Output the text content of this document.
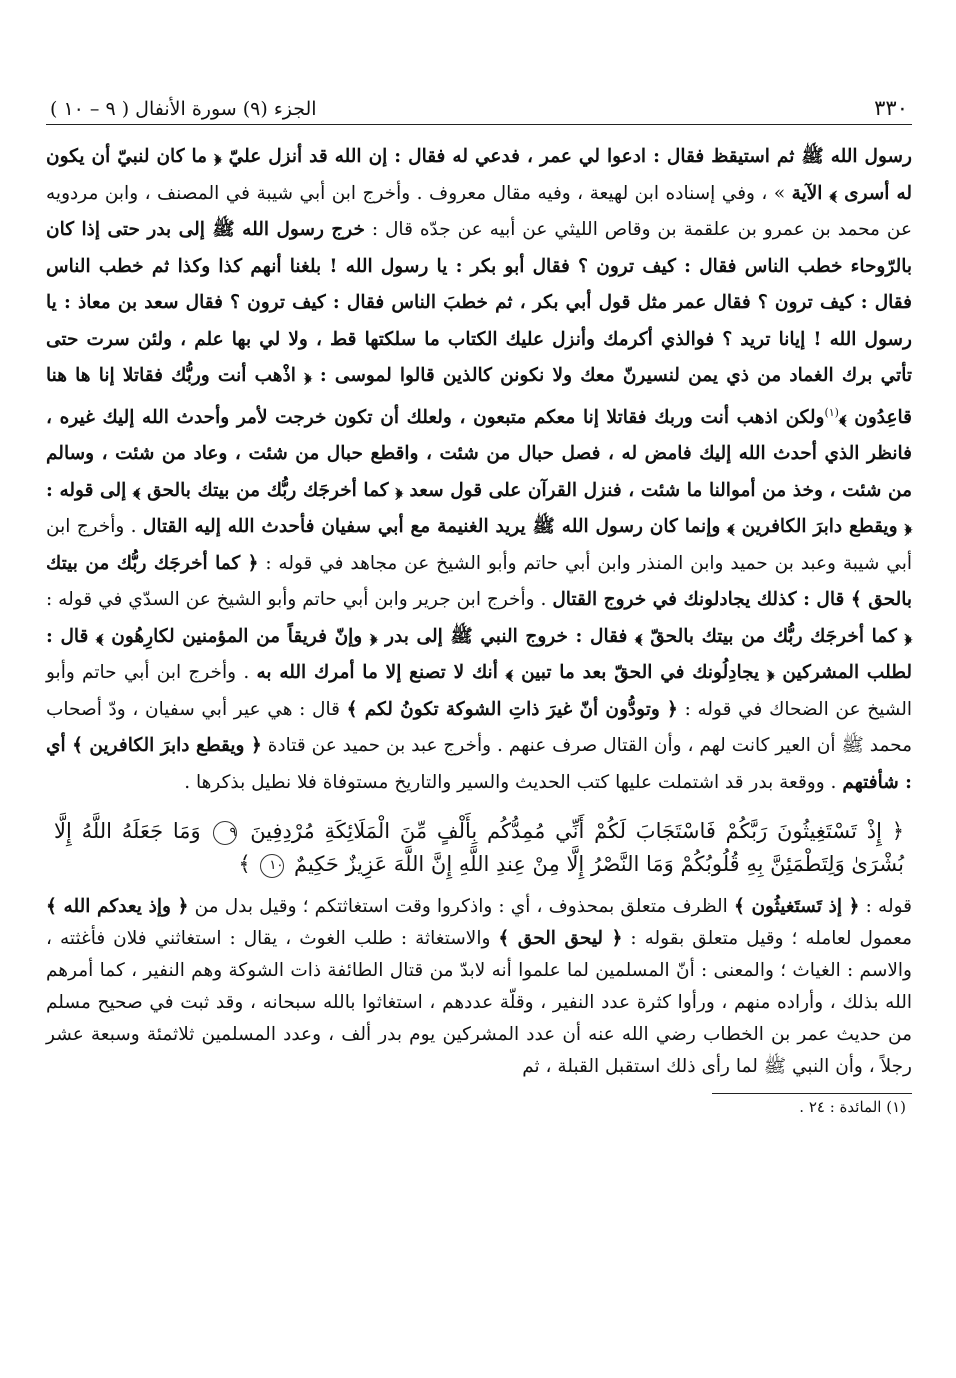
٣٣٠
الجزء (٩) سورة الأنفال ( ٩ – ١٠ )
رسول الله ﷺ ثم استيقظ فقال : ادعوا لي عمر ، فدعي له فقال : إن الله قد أنزل عليّ ﴿ ما كان لنبيّ أن يكون له أسرى ﴾ الآية » ، وفي إسناده ابن لهيعة ، وفيه مقال معروف . وأخرج ابن أبي شيبة في المصنف ، وابن مردويه عن محمد بن عمرو بن علقمة بن وقاص الليثي عن أبيه عن جدّه قال : خرج رسول الله ﷺ إلى بدر حتى إذا كان بالرّوحاء خطب الناس فقال : كيف ترون ؟ فقال أبو بكر : يا رسول الله ! بلغنا أنهم كذا وكذا ثم خطب الناس فقال : كيف ترون ؟ فقال عمر مثل قول أبي بكر ، ثم خطبَ الناس فقال : كيف ترون ؟ فقال سعد بن معاذ : يا رسول الله ! إيانا تريد ؟ فوالذي أكرمك وأنزل عليك الكتاب ما سلكتها قط ، ولا لي بها علم ، ولئن سرت حتى تأتي برك الغماد من ذي يمن لنسيرنّ معك ولا نكونن كالذين قالوا لموسى : ﴿ اذْهب أنت وربُّك فقاتلا إنا ها هنا قاعِدُون ﴾$^{(١)}$ولكن اذهب أنت وربك فقاتلا إنا معكم متبعون ، ولعلك أن تكون خرجت لأمر وأحدث الله إليك غيره ، فانظر الذي أحدث الله إليك فامض له ، فصل حبال من شئت ، واقطع حبال من شئت ، وعاد من شئت ، وسالم من شئت ، وخذ من أموالنا ما شئت ، فنزل القرآن على قول سعد ﴿ كما أخرجَك ربُّك من بيتك بالحق ﴾ إلى قوله : ﴿ ويقطع دابرَ الكافرين ﴾ وإنما كان رسول الله ﷺ يريد الغنيمة مع أبي سفيان فأحدث الله إليه القتال . وأخرج ابن أبي شيبة وعبد بن حميد وابن المنذر وابن أبي حاتم وأبو الشيخ عن مجاهد في قوله : ﴿ كما أخرجَك ربُّك من بيتك بالحق ﴾ قال : كذلك يجادلونك في خروج القتال . وأخرج ابن جرير وابن أبي حاتم وأبو الشيخ عن السدّي في قوله : ﴿ كما أخرجَك ربُّك من بيتك بالحقّ ﴾ فقال : خروج النبي ﷺ إلى بدر ﴿ وإنّ فريقاً من المؤمنين لكارِهُون ﴾ قال : لطلب المشركين ﴿ يجادِلُونك في الحقّ بعد ما تبين ﴾ أنك لا تصنع إلا ما أمرك الله به . وأخرج ابن أبي حاتم وأبو الشيخ عن الضحاك في قوله : ﴿ وتودُّون أنّ غيرَ ذاتِ الشوكة تكونُ لكم ﴾ قال : هي عير أبي سفيان ، ودّ أصحاب محمد ﷺ أن العير كانت لهم ، وأن القتال صرف عنهم . وأخرج عبد بن حميد عن قتادة ﴿ ويقطع دابرَ الكافرين ﴾ أي : شأفتهم . ووقعة بدر قد اشتملت عليها كتب الحديث والسير والتاريخ مستوفاة فلا نطيل بذكرها .
﴿ إِذْ تَسْتَغِيثُونَ رَبَّكُمْ فَاسْتَجَابَ لَكُمْ أَنِّي مُمِدُّكُم بِأَلْفٍ مِّنَ الْمَلَائِكَةِ مُرْدِفِينَ ٩ وَمَا جَعَلَهُ اللَّهُ إِلَّا بُشْرَىٰ وَلِتَطْمَئِنَّ بِهِ قُلُوبُكُمْ وَمَا النَّصْرُ إِلَّا مِنْ عِندِ اللَّهِ إِنَّ اللَّهَ عَزِيزٌ حَكِيمٌ ١٠ ﴾
قوله : ﴿ إذ تَستَغيثُون ﴾ الظرف متعلق بمحذوف ، أي : واذكروا وقت استغاثتكم ؛ وقيل بدل من ﴿ وإذ يعدكم الله ﴾ معمول لعامله ؛ وقيل متعلق بقوله : ﴿ ليحق الحق ﴾ والاستغاثة : طلب الغوث ، يقال : استغاثني فلان فأغثته ، والاسم : الغياث ؛ والمعنى : أنّ المسلمين لما علموا أنه لابدّ من قتال الطائفة ذات الشوكة وهم النفير ، كما أمرهم الله بذلك ، وأراده منهم ، ورأوا كثرة عدد النفير ، وقلّة عددهم ، استغاثوا بالله سبحانه ، وقد ثبت في صحيح مسلم من حديث عمر بن الخطاب رضي الله عنه أن عدد المشركين يوم بدر ألف ، وعدد المسلمين ثلاثمئة وسبعة عشر رجلاً ، وأن النبي ﷺ لما رأى ذلك استقبل القبلة ، ثم
(١) المائدة : ٢٤ .
